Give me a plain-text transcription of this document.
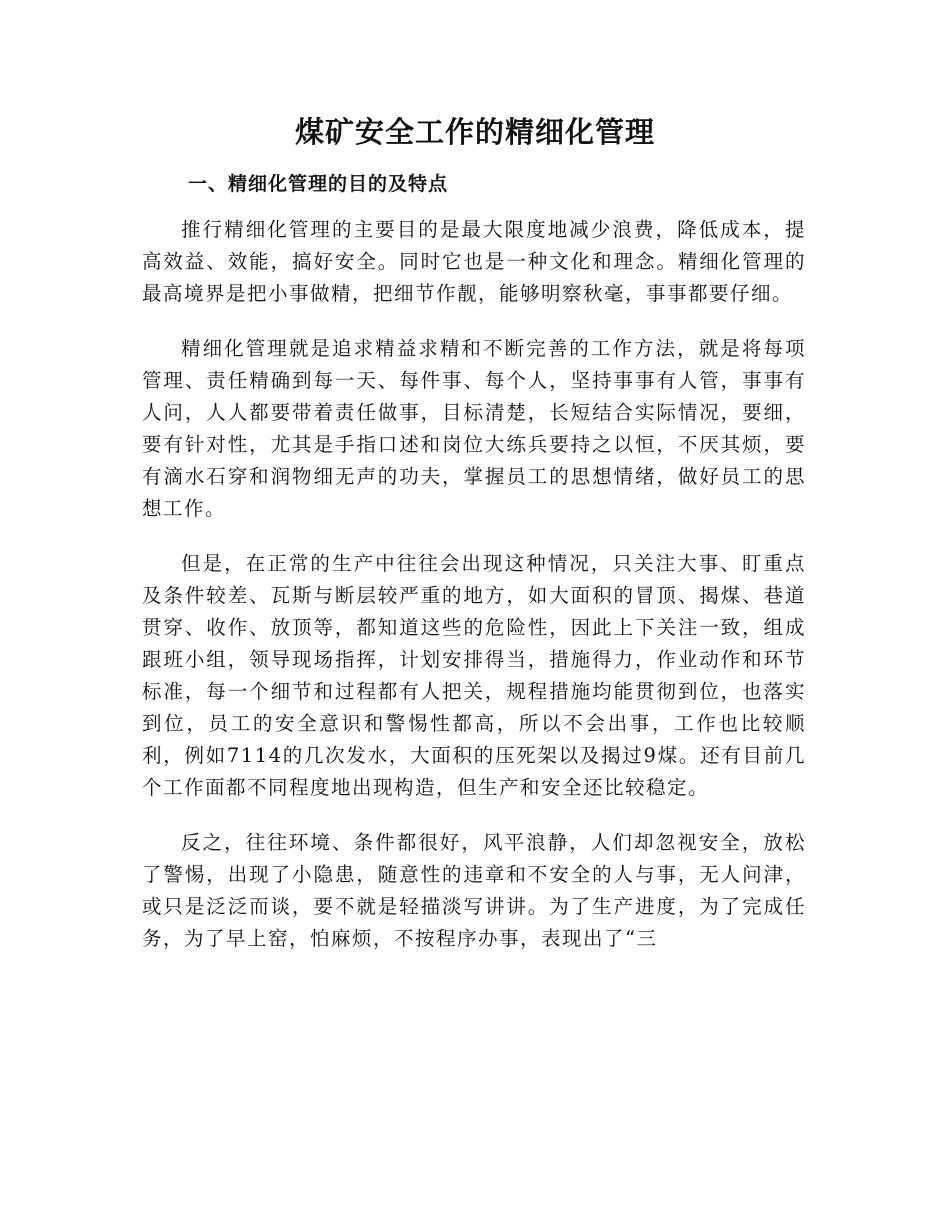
煤矿安全工作的精细化管理
一、精细化管理的目的及特点

推行精细化管理的主要目的是最大限度地减少浪费，降低成本，提高效益、效能，搞好安全。同时它也是一种文化和理念。精细化管理的最高境界是把小事做精，把细节作靓，能够明察秋毫，事事都要仔细。

精细化管理就是追求精益求精和不断完善的工作方法，就是将每项管理、责任精确到每一天、每件事、每个人，坚持事事有人管，事事有人问，人人都要带着责任做事，目标清楚，长短结合实际情况，要细，要有针对性，尤其是手指口述和岗位大练兵要持之以恒，不厌其烦，要有滴水石穿和润物细无声的功夫，掌握员工的思想情绪，做好员工的思想工作。

但是，在正常的生产中往往会出现这种情况，只关注大事、盯重点及条件较差、瓦斯与断层较严重的地方，如大面积的冒顶、揭煤、巷道贯穿、收作、放顶等，都知道这些的危险性，因此上下关注一致，组成跟班小组，领导现场指挥，计划安排得当，措施得力，作业动作和环节标准，每一个细节和过程都有人把关，规程措施均能贯彻到位，也落实到位，员工的安全意识和警惕性都高，所以不会出事，工作也比较顺利，例如7114的几次发水，大面积的压死架以及揭过9煤。还有目前几个工作面都不同程度地出现构造，但生产和安全还比较稳定。

反之，往往环境、条件都很好，风平浪静，人们却忽视安全，放松了警惕，出现了小隐患，随意性的违章和不安全的人与事，无人问津，或只是泛泛而谈，要不就是轻描淡写讲讲。为了生产进度，为了完成任务，为了早上窑，怕麻烦，不按程序办事，表现出了“三
